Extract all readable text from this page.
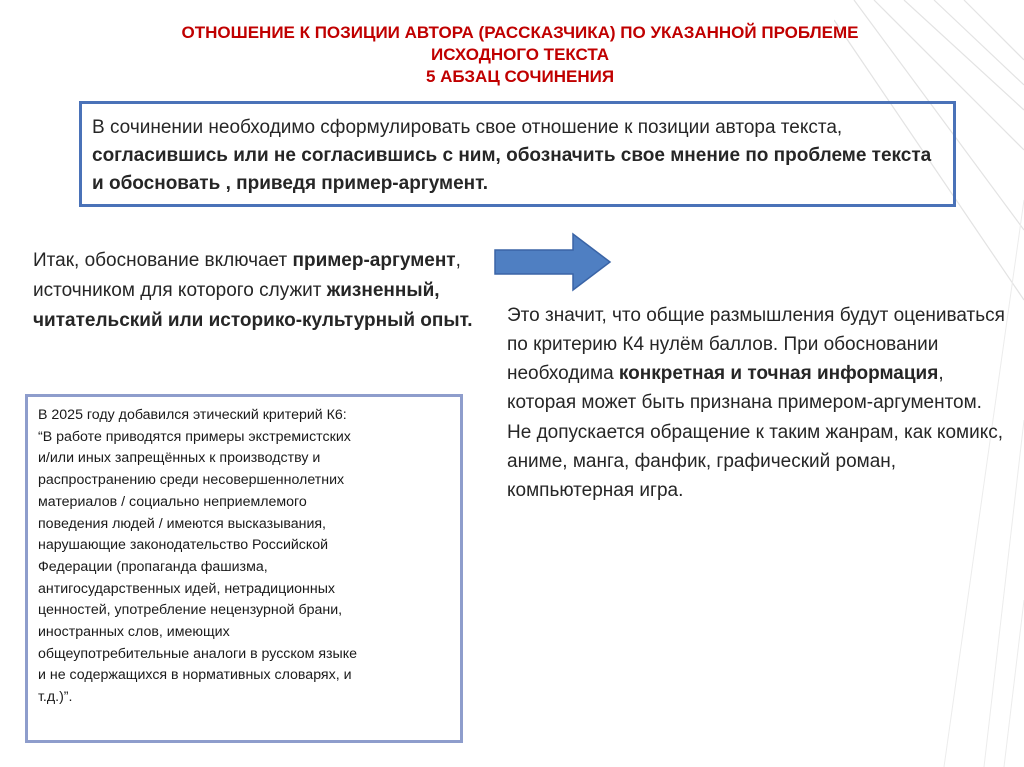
ОТНОШЕНИЕ К ПОЗИЦИИ АВТОРА (РАССКАЗЧИКА) ПО УКАЗАННОЙ ПРОБЛЕМЕ
ИСХОДНОГО ТЕКСТА
5 АБЗАЦ СОЧИНЕНИЯ
В сочинении необходимо сформулировать свое отношение к позиции автора текста, согласившись или не согласившись с ним, обозначить свое мнение по проблеме текста и обосновать , приведя пример-аргумент.
Итак, обоснование включает пример-аргумент, источником для которого служит жизненный, читательский или историко-культурный опыт.	Это значит, что общие размышления будут оцениваться по критерию К4 нулём баллов. При обосновании необходима конкретная и точная информация, которая может быть признана примером-аргументом.

Не допускается обращение к таким жанрам, как комикс, аниме, манга, фанфик, графический роман, компьютерная игра.

В 2025 году добавился этический критерий К6:
“В работе приводятся примеры экстремистских
и/или иных запрещённых к производству и
распространению среди несовершеннолетних
материалов / социально неприемлемого
поведения людей / имеются высказывания,
нарушающие законодательство Российской
Федерации (пропаганда фашизма,
антигосударственных идей, нетрадиционных
ценностей, употребление нецензурной брани,
иностранных слов, имеющих
общеупотребительные аналоги в русском языке
и не содержащихся в нормативных словарях, и
т.д.)”.
